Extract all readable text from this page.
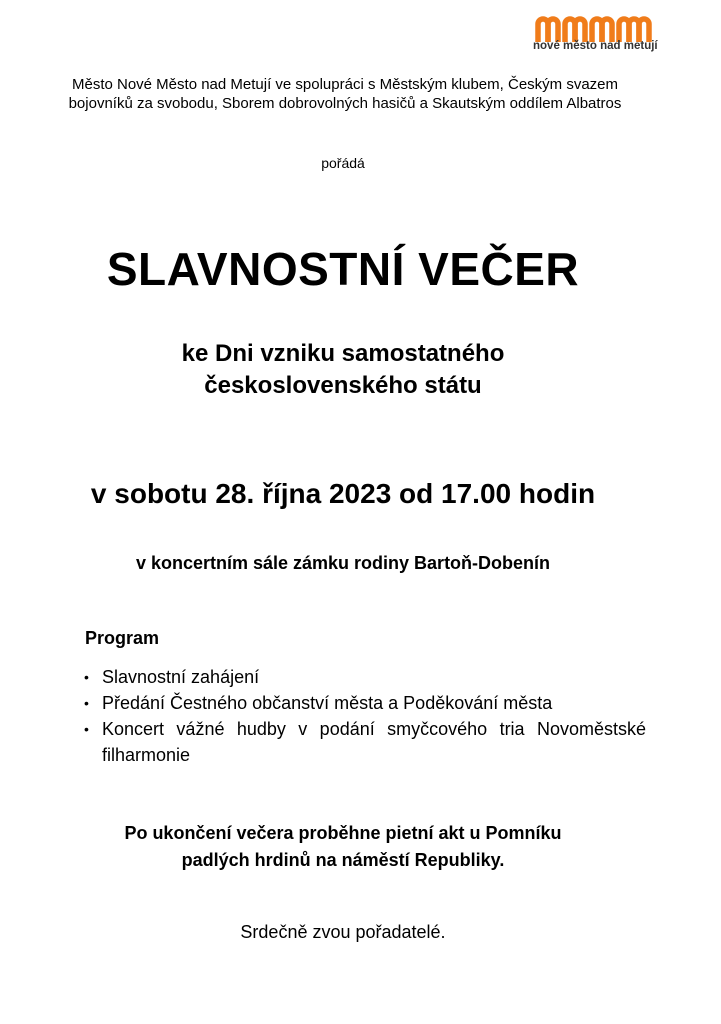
nové město nad metují
Město Nové Město nad Metují ve spolupráci s Městským klubem, Českým svazem bojovníků za svobodu, Sborem dobrovolných hasičů a Skautským oddílem Albatros
pořádá
SLAVNOSTNÍ VEČER
ke Dni vzniku samostatného
československého státu
v sobotu 28. října 2023 od 17.00 hodin
v koncertním sále zámku rodiny Bartoň-Dobenín
Program
• Slavnostní zahájení
• Předání Čestného občanství města a Poděkování města
• Koncert vážné hudby v podání smyčcového tria Novoměstské filharmonie
Po ukončení večera proběhne pietní akt u Pomníku
padlých hrdinů na náměstí Republiky.
Srdečně zvou pořadatelé.
